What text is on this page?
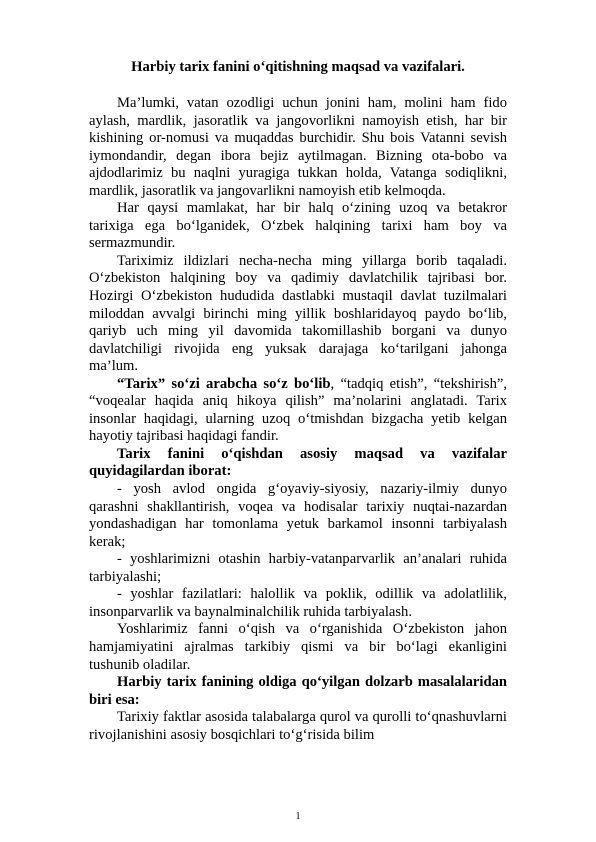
Harbiy tarix fanini o‘qitishning maqsad va vazifalari.

Ma’lumki, vatan ozodligi uchun jonini ham, molini ham fido aylash, mardlik, jasoratlik va jangovorlikni namoyish etish, har bir kishining or-nomusi va muqaddas burchidir. Shu bois Vatanni sevish iymondandir, degan ibora bejiz aytilmagan. Bizning ota-bobo va ajdodlarimiz bu naqlni yuragiga tukkan holda, Vatanga sodiqlikni, mardlik, jasoratlik va jangovarlikni namoyish etib kelmoqda.

Har qaysi mamlakat, har bir halq o‘zining uzoq va betakror tarixiga ega bo‘lganidek, O‘zbek halqining tarixi ham boy va sermazmundir.

Tariximiz ildizlari necha-necha ming yillarga borib taqaladi. O‘zbekiston halqining boy va qadimiy davlatchilik tajribasi bor. Hozirgi O‘zbekiston hududida dastlabki mustaqil davlat tuzilmalari miloddan avvalgi birinchi ming yillik boshlaridayoq paydo bo‘lib, qariyb uch ming yil davomida takomillashib borgani va dunyo davlatchiligi rivojida eng yuksak darajaga ko‘tarilgani jahonga ma’lum.

“Tarix” so‘zi arabcha so‘z bo‘lib, “tadqiq etish”, “tekshirish”, “voqealar haqida aniq hikoya qilish” ma’nolarini anglatadi. Tarix insonlar haqidagi, ularning uzoq o‘tmishdan bizgacha yetib kelgan hayotiy tajribasi haqidagi fandir.

Tarix fanini o‘qishdan asosiy maqsad va vazifalar quyidagilardan iborat:

- yosh avlod ongida g‘oyaviy-siyosiy, nazariy-ilmiy dunyo qarashni shakllantirish, voqea va hodisalar tarixiy nuqtai-nazardan yondashadigan har tomonlama yetuk barkamol insonni tarbiyalash kerak;

- yoshlarimizni otashin harbiy-vatanparvarlik an’analari ruhida tarbiyalashi;

- yoshlar fazilatlari: halollik va poklik, odillik va adolatlilik, insonparvarlik va baynalminalchilik ruhida tarbiyalash.

Yoshlarimiz fanni o‘qish va o‘rganishida O‘zbekiston jahon hamjamiyatini ajralmas tarkibiy qismi va bir bo‘lagi ekanligini tushunib oladilar.

Harbiy tarix fanining oldiga qo‘yilgan dolzarb masalalaridan biri esa:

Tarixiy faktlar asosida talabalarga qurol va qurolli to‘qnashuvlarni rivojlanishini asosiy bosqichlari to‘g‘risida bilim

1
